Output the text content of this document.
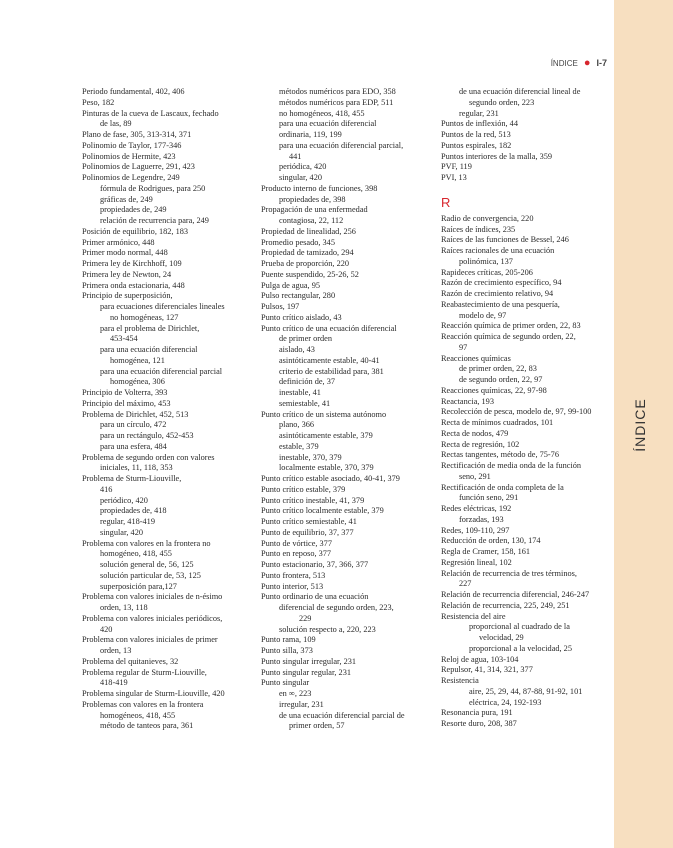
ÍNDICE
ÍNDICE ● I-7
Periodo fundamental, 402, 406
Peso, 182
Pinturas de la cueva de Lascaux, fechado
de las, 89
Plano de fase, 305, 313-314, 371
Polinomio de Taylor, 177-346
Polinomios de Hermite, 423
Polinomios de Laguerre, 291, 423
Polinomios de Legendre, 249
fórmula de Rodrigues, para 250
gráficas de, 249
propiedades de, 249
relación de recurrencia para, 249
Posición de equilibrio, 182, 183
Primer armónico, 448
Primer modo normal, 448
Primera ley de Kirchhoff, 109
Primera ley de Newton, 24
Primera onda estacionaria, 448
Principio de superposición,
para ecuaciones diferenciales lineales
no homogéneas, 127
para el problema de Dirichlet,
453-454
para una ecuación diferencial
homogénea, 121
para una ecuación diferencial parcial
homogénea, 306
Principio de Volterra, 393
Principio del máximo, 453
Problema de Dirichlet, 452, 513
para un círculo, 472
para un rectángulo, 452-453
para una esfera, 484
Problema de segundo orden con valores
iniciales, 11, 118, 353
Problema de Sturm-Liouville,
416
periódico, 420
propiedades de, 418
regular, 418-419
singular, 420
Problema con valores en la frontera no
homogéneo, 418, 455
solución general de, 56, 125
solución particular de, 53, 125
superposición para,127
Problema con valores iniciales de n-ésimo
orden, 13, 118
Problema con valores iniciales periódicos,
420
Problema con valores iniciales de primer
orden, 13
Problema del quitanieves, 32
Problema regular de Sturm-Liouville,
418-419
Problema singular de Sturm-Liouville, 420
Problemas con valores en la frontera
homogéneos, 418, 455
método de tanteos para, 361
métodos numéricos para EDO, 358
métodos numéricos para EDP, 511
no homogéneos, 418, 455
para una ecuación diferencial
ordinaria, 119, 199
para una ecuación diferencial parcial,
441
periódica, 420
singular, 420
Producto interno de funciones, 398
propiedades de, 398
Propagación de una enfermedad
contagiosa, 22, 112
Propiedad de linealidad, 256
Promedio pesado, 345
Propiedad de tamizado, 294
Prueba de proporción, 220
Puente suspendido, 25-26, 52
Pulga de agua, 95
Pulso rectangular, 280
Pulsos, 197
Punto crítico aislado, 43
Punto crítico de una ecuación diferencial
de primer orden
aislado, 43
asintóticamente estable, 40-41
criterio de estabilidad para, 381
definición de, 37
inestable, 41
semiestable, 41
Punto crítico de un sistema autónomo
plano, 366
asintóticamente estable, 379
estable, 379
inestable, 370, 379
localmente estable, 370, 379
Punto crítico estable asociado, 40-41, 379
Punto crítico estable, 379
Punto crítico inestable, 41, 379
Punto crítico localmente estable, 379
Punto crítico semiestable, 41
Punto de equilibrio, 37, 377
Punto de vórtice, 377
Punto en reposo, 377
Punto estacionario, 37, 366, 377
Punto frontera, 513
Punto interior, 513
Punto ordinario de una ecuación
diferencial de segundo orden, 223,
229
solución respecto a, 220, 223
Punto rama, 109
Punto silla, 373
Punto singular irregular, 231
Punto singular regular, 231
Punto singular
en ∞, 223
irregular, 231
de una ecuación diferencial parcial de
primer orden, 57
de una ecuación diferencial lineal de
segundo orden, 223
regular, 231
Puntos de inflexión, 44
Puntos de la red, 513
Puntos espirales, 182
Puntos interiores de la malla, 359
PVF, 119
PVI, 13
R
Radio de convergencia, 220
Raíces de índices, 235
Raíces de las funciones de Bessel, 246
Raíces racionales de una ecuación
polinómica, 137
Rapideces críticas, 205-206
Razón de crecimiento específico, 94
Razón de crecimiento relativo, 94
Reabastecimiento de una pesquería,
modelo de, 97
Reacción química de primer orden, 22, 83
Reacción química de segundo orden, 22,
97
Reacciones químicas
de primer orden, 22, 83
de segundo orden, 22, 97
Reacciones químicas, 22, 97-98
Reactancia, 193
Recolección de pesca, modelo de, 97, 99-100
Recta de mínimos cuadrados, 101
Recta de nodos, 479
Recta de regresión, 102
Rectas tangentes, método de, 75-76
Rectificación de media onda de la función
seno, 291
Rectificación de onda completa de la
función seno, 291
Redes eléctricas, 192
forzadas, 193
Redes, 109-110, 297
Reducción de orden, 130, 174
Regla de Cramer, 158, 161
Regresión lineal, 102
Relación de recurrencia de tres términos,
227
Relación de recurrencia diferencial, 246-247
Relación de recurrencia, 225, 249, 251
Resistencia del aire
proporcional al cuadrado de la
velocidad, 29
proporcional a la velocidad, 25
Reloj de agua, 103-104
Repulsor, 41, 314, 321, 377
Resistencia
aire, 25, 29, 44, 87-88, 91-92, 101
eléctrica, 24, 192-193
Resonancia pura, 191
Resorte duro, 208, 387
